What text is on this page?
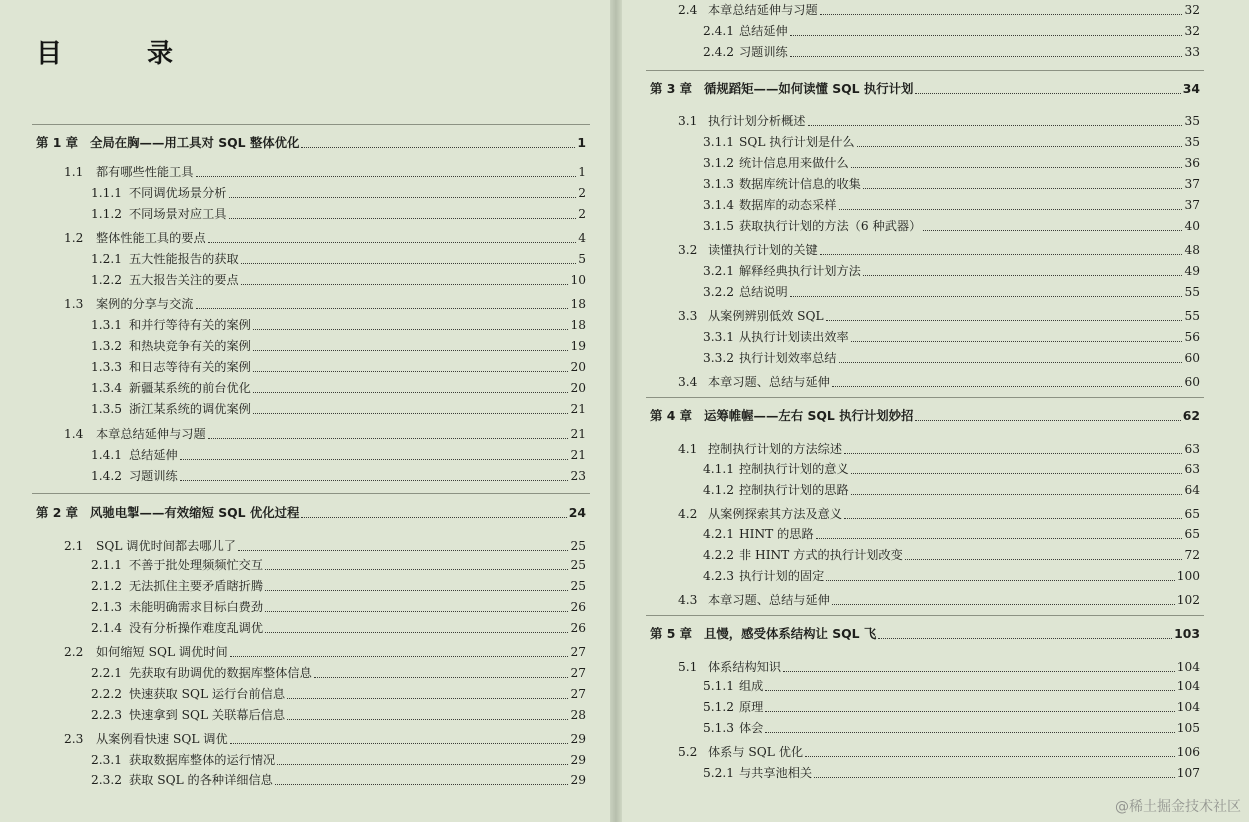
目 录
第 1 章 全局在胸——用工具对 SQL 整体优化	1
1.1	都有哪些性能工具	1
1.1.1 不同调优场景分析	2
1.1.2 不同场景对应工具	2
1.2	整体性能工具的要点	4
1.2.1 五大性能报告的获取	5
1.2.2 五大报告关注的要点	10
1.3	案例的分享与交流	18
1.3.1 和并行等待有关的案例	18
1.3.2 和热块竞争有关的案例	19
1.3.3 和日志等待有关的案例	20
1.3.4 新疆某系统的前台优化	20
1.3.5 浙江某系统的调优案例	21
1.4	本章总结延伸与习题	21
1.4.1 总结延伸	21
1.4.2 习题训练	23
第 2 章 风驰电掣——有效缩短 SQL 优化过程	24
2.1	SQL 调优时间都去哪儿了	25
2.1.1 不善于批处理频频忙交互	25
2.1.2 无法抓住主要矛盾瞎折腾	25
2.1.3 未能明确需求目标白费劲	26
2.1.4 没有分析操作难度乱调优	26
2.2	如何缩短 SQL 调优时间	27
2.2.1 先获取有助调优的数据库整体信息	27
2.2.2 快速获取 SQL 运行台前信息	27
2.2.3 快速拿到 SQL 关联幕后信息	28
2.3	从案例看快速 SQL 调优	29
2.3.1 获取数据库整体的运行情况	29
2.3.2 获取 SQL 的各种详细信息	29
2.4 本章总结延伸与习题	32
2.4.1 总结延伸	32
2.4.2 习题训练	33
第 3 章 循规蹈矩——如何读懂 SQL 执行计划	34
3.1 执行计划分析概述	35
3.1.1 SQL 执行计划是什么	35
3.1.2 统计信息用来做什么	36
3.1.3 数据库统计信息的收集	37
3.1.4 数据库的动态采样	37
3.1.5 获取执行计划的方法（6 种武器）	40
3.2 读懂执行计划的关键	48
3.2.1 解释经典执行计划方法	49
3.2.2 总结说明	55
3.3 从案例辨别低效 SQL	55
3.3.1 从执行计划读出效率	56
3.3.2 执行计划效率总结	60
3.4 本章习题、总结与延伸	60
第 4 章 运筹帷幄——左右 SQL 执行计划妙招	62
4.1 控制执行计划的方法综述	63
4.1.1 控制执行计划的意义	63
4.1.2 控制执行计划的思路	64
4.2 从案例探索其方法及意义	65
4.2.1 HINT 的思路	65
4.2.2 非 HINT 方式的执行计划改变	72
4.2.3 执行计划的固定	100
4.3 本章习题、总结与延伸	102
第 5 章 且慢，感受体系结构让 SQL 飞	103
5.1 体系结构知识	104
5.1.1 组成	104
5.1.2 原理	104
5.1.3 体会	105
5.2 体系与 SQL 优化	106
5.2.1 与共享池相关	107
@稀土掘金技术社区
